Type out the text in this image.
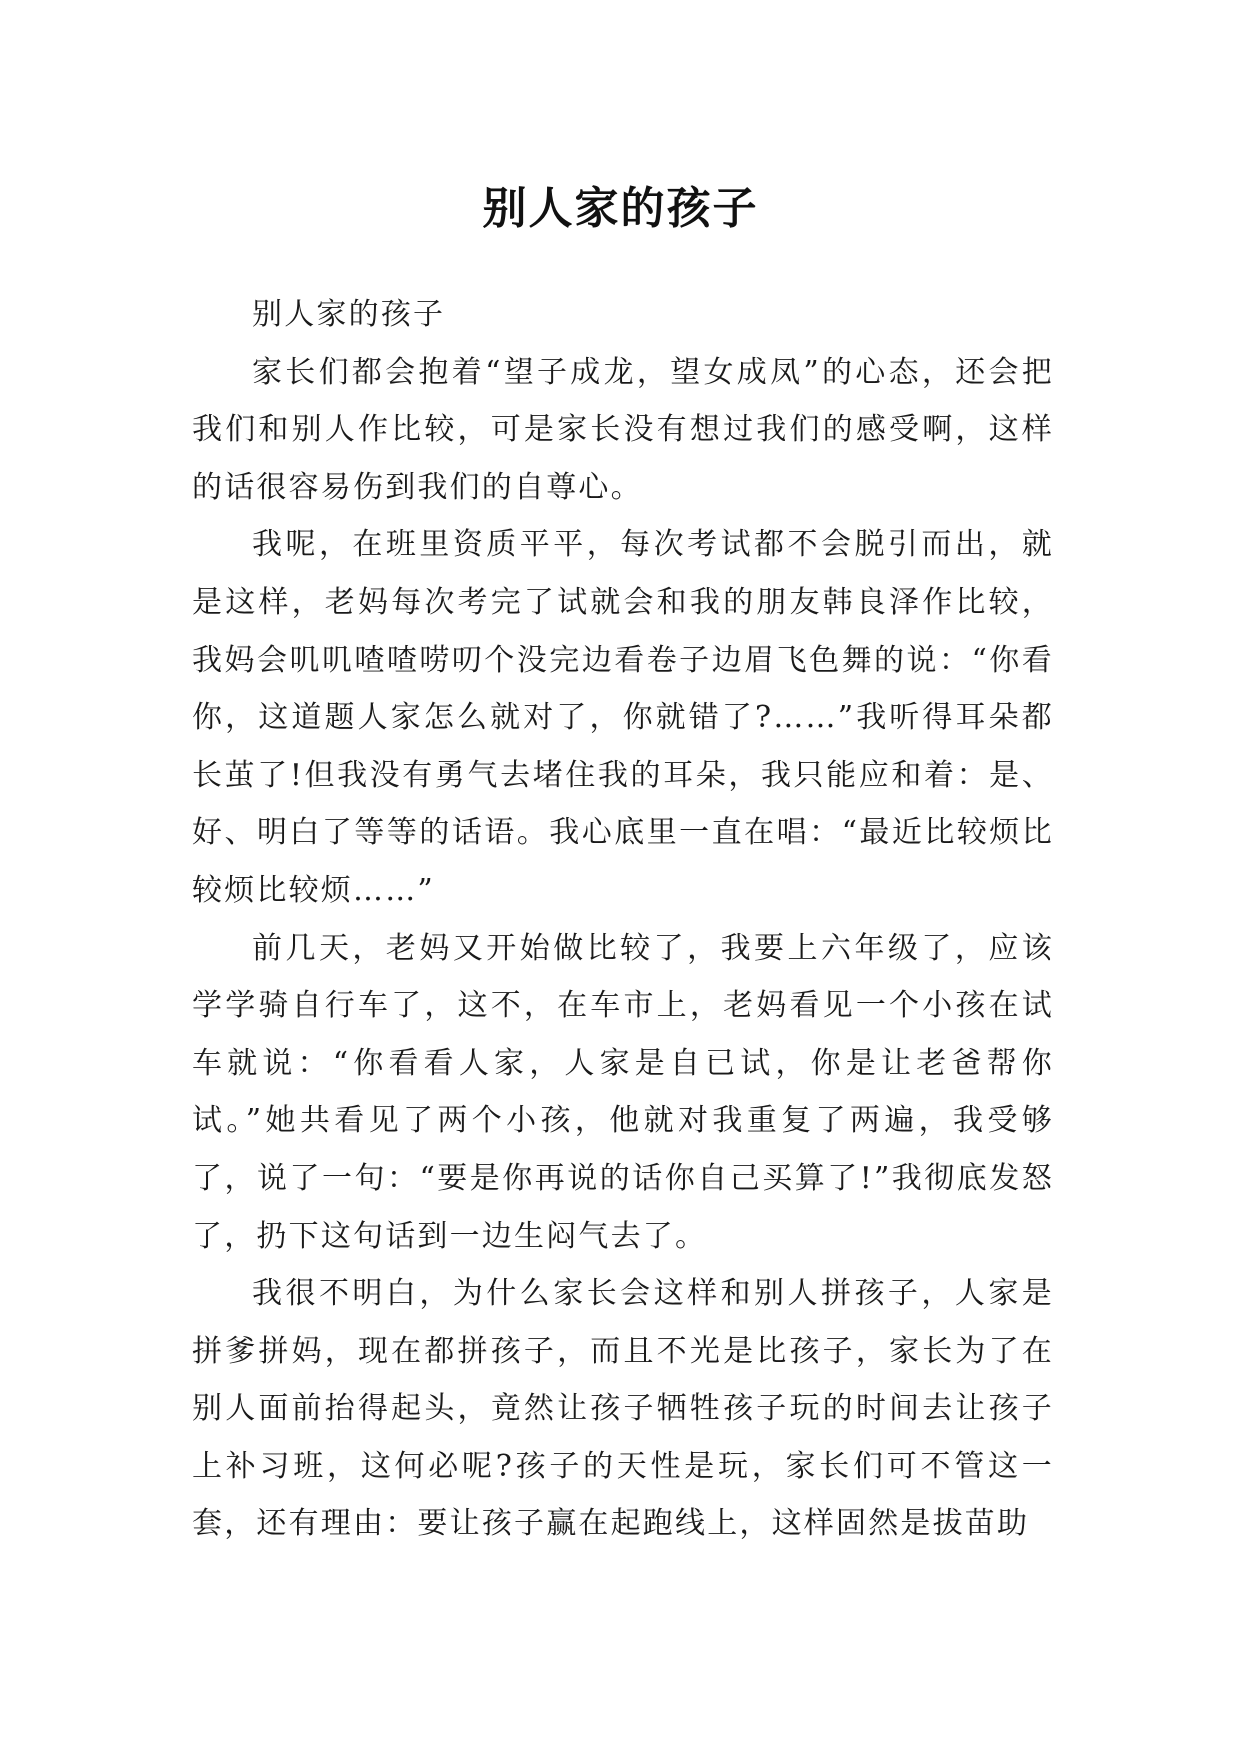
别人家的孩子

别人家的孩子

家长们都会抱着“望子成龙，望女成凤”的心态，还会把我们和别人作比较，可是家长没有想过我们的感受啊，这样的话很容易伤到我们的自尊心。

我呢，在班里资质平平，每次考试都不会脱引而出，就是这样，老妈每次考完了试就会和我的朋友韩良泽作比较，我妈会叽叽喳喳唠叨个没完边看卷子边眉飞色舞的说：“你看你，这道题人家怎么就对了，你就错了?……”我听得耳朵都长茧了!但我没有勇气去堵住我的耳朵，我只能应和着：是、好、明白了等等的话语。我心底里一直在唱：“最近比较烦比较烦比较烦……”

前几天，老妈又开始做比较了，我要上六年级了，应该学学骑自行车了，这不，在车市上，老妈看见一个小孩在试车就说：“你看看人家，人家是自已试，你是让老爸帮你试。”她共看见了两个小孩，他就对我重复了两遍，我受够了，说了一句：“要是你再说的话你自己买算了!”我彻底发怒了，扔下这句话到一边生闷气去了。

我很不明白，为什么家长会这样和别人拼孩子，人家是拼爹拼妈，现在都拼孩子，而且不光是比孩子，家长为了在别人面前抬得起头，竟然让孩子牺牲孩子玩的时间去让孩子上补习班，这何必呢?孩子的天性是玩，家长们可不管这一套，还有理由：要让孩子赢在起跑线上，这样固然是拔苗助
